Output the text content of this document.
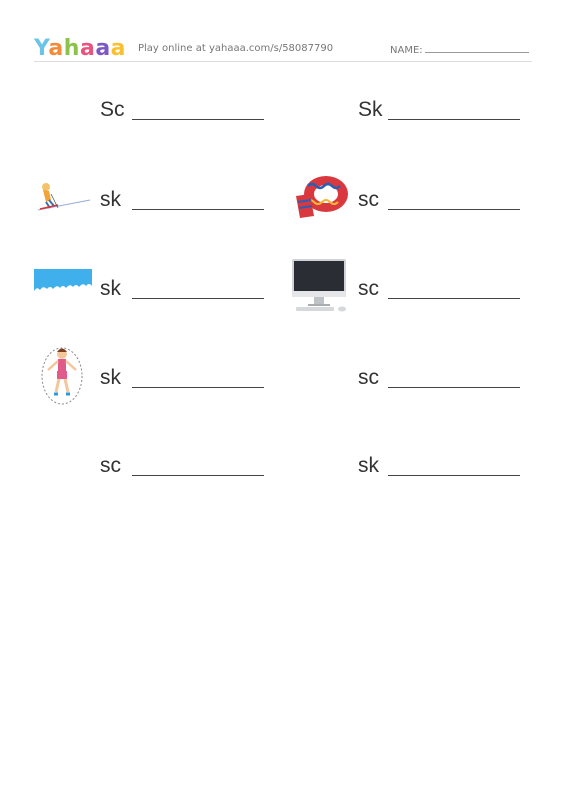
Yahaaa Play online at yahaaa.com/s/58087790	NAME:
Sc	Sk
sk	sc
sk	sc
sk	sc
sc	sk
